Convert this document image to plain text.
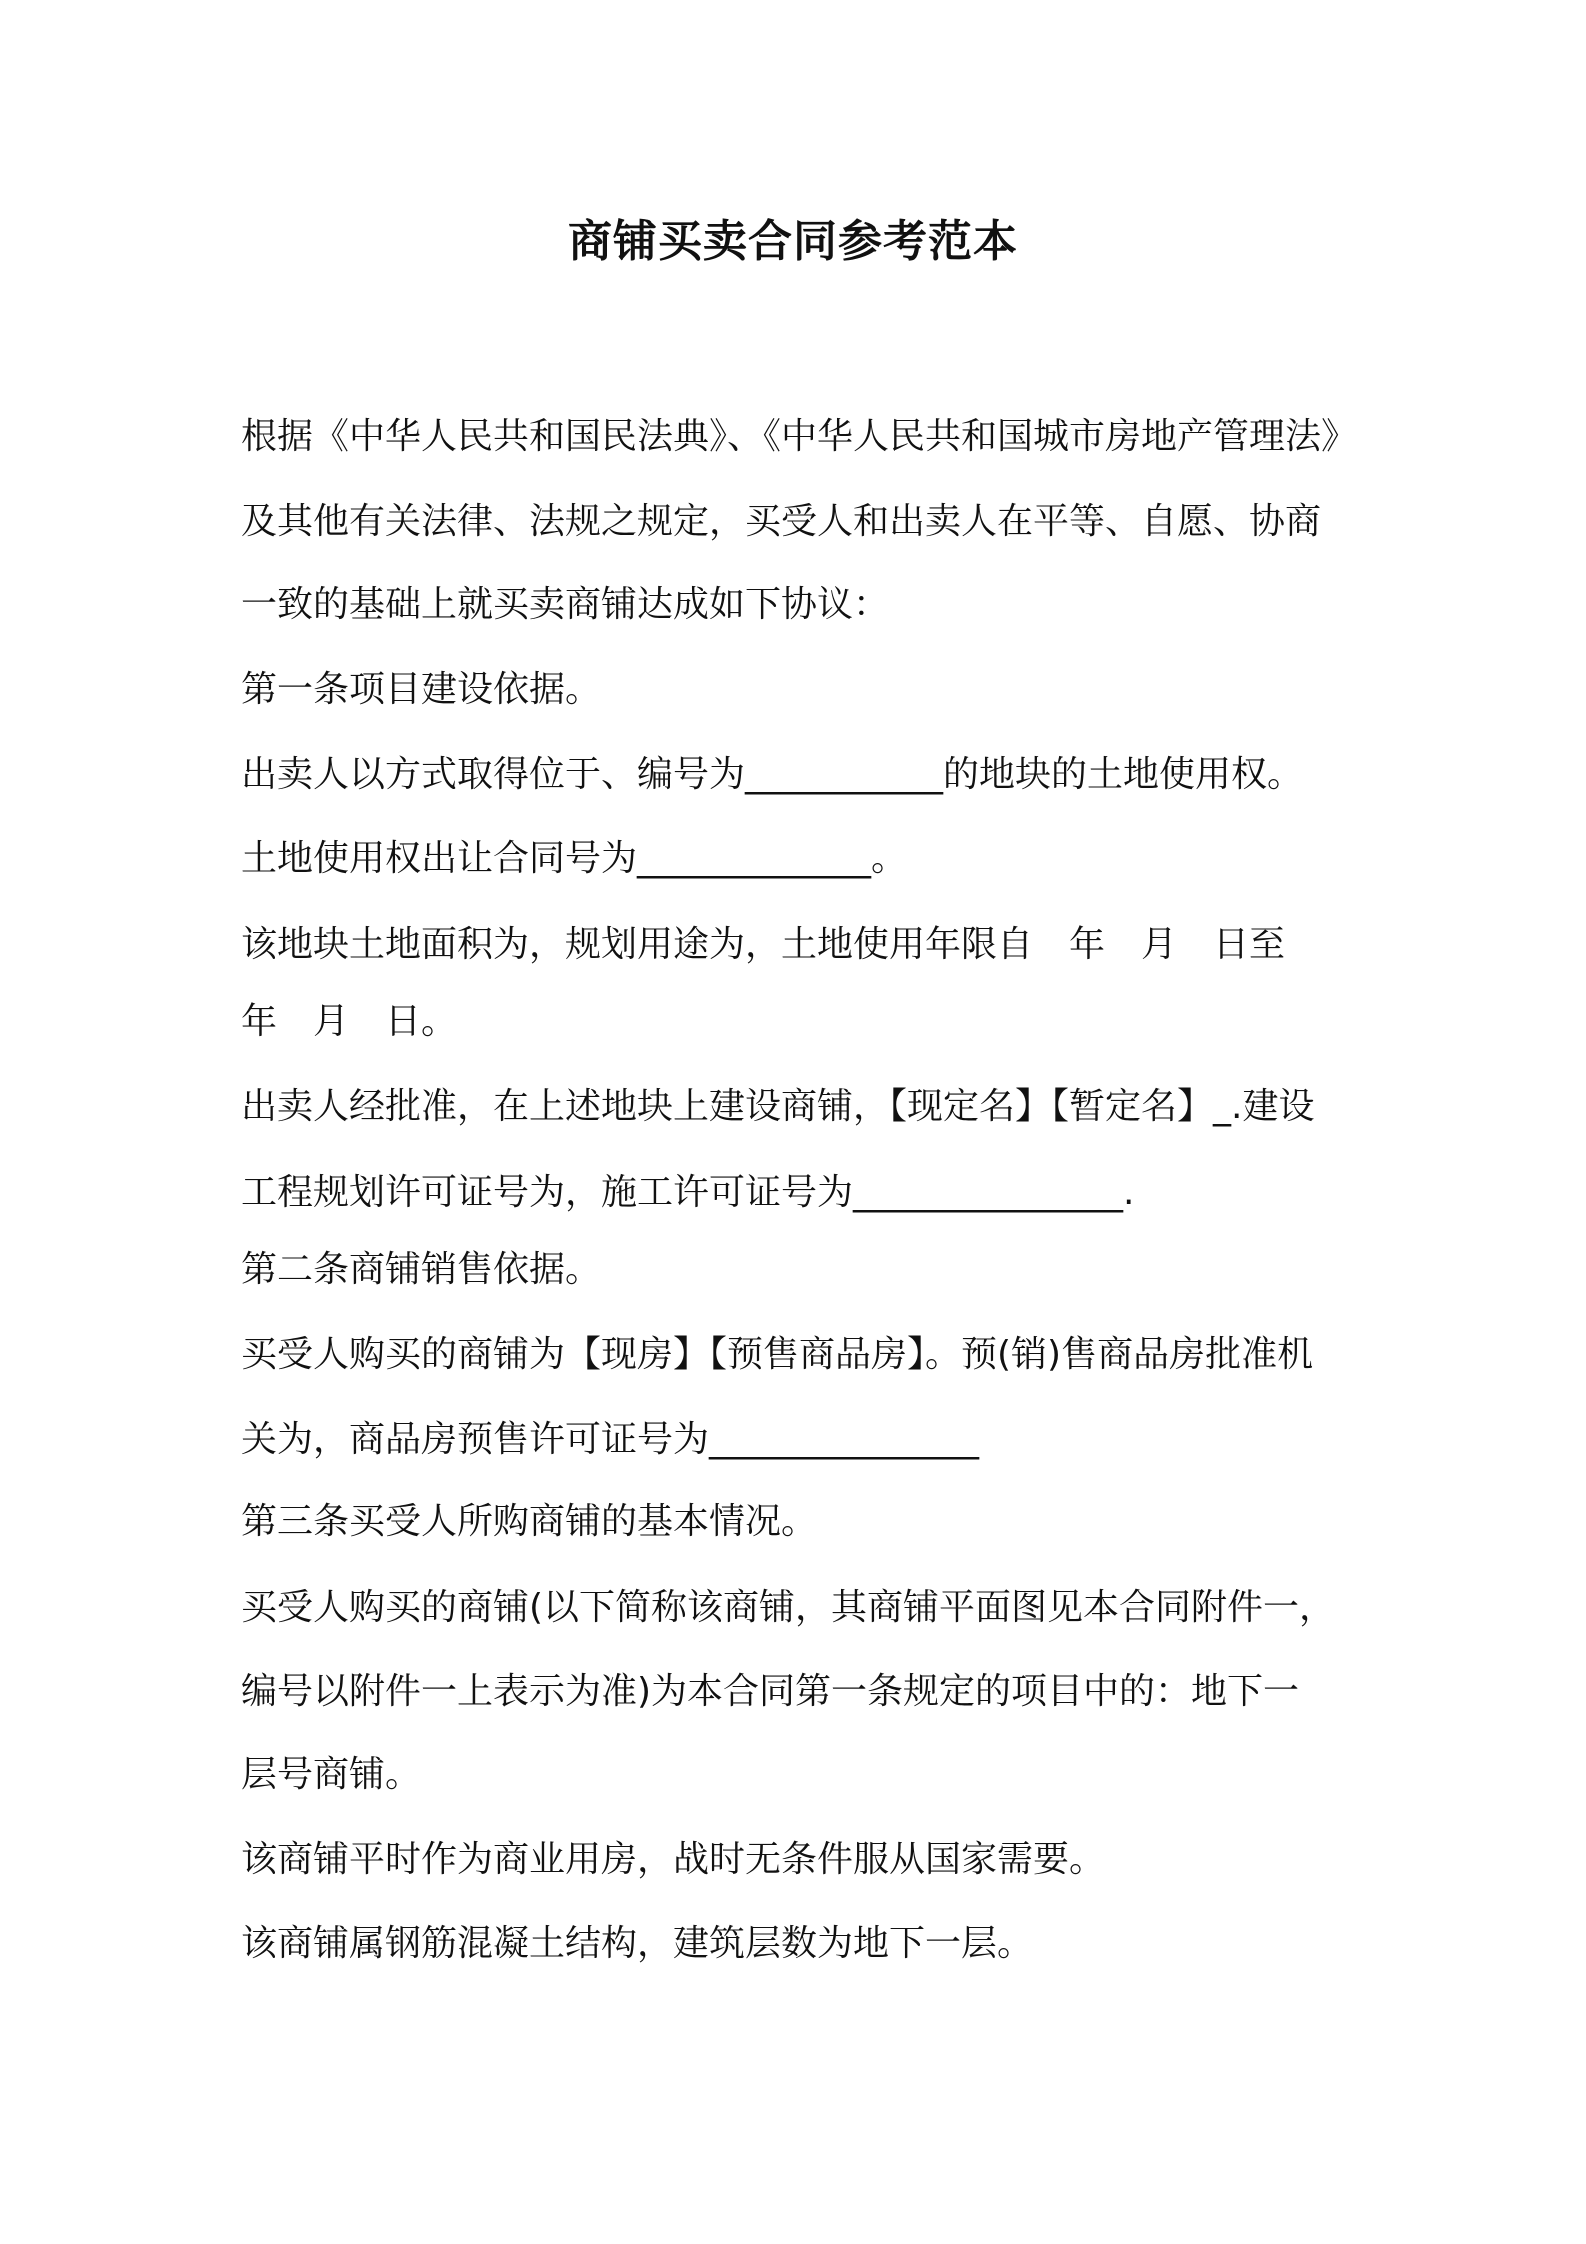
商铺买卖合同参考范本

根据《中华人民共和国民法典》、《中华人民共和国城市房地产管理法》

及其他有关法律、法规之规定，买受人和出卖人在平等、自愿、协商

一致的基础上就买卖商铺达成如下协议：

第一条项目建设依据。

出卖人以方式取得位于、编号为___________的地块的土地使用权。

土地使用权出让合同号为_____________。

该地块土地面积为，规划用途为，土地使用年限自　年　月　日至

年　月　日。

出卖人经批准，在上述地块上建设商铺，【现定名】【暂定名】_.建设

工程规划许可证号为，施工许可证号为_______________.

第二条商铺销售依据。

买受人购买的商铺为【现房】【预售商品房】。预(销)售商品房批准机

关为，商品房预售许可证号为_______________

第三条买受人所购商铺的基本情况。

买受人购买的商铺(以下简称该商铺，其商铺平面图见本合同附件一，

编号以附件一上表示为准)为本合同第一条规定的项目中的：地下一

层号商铺。

该商铺平时作为商业用房，战时无条件服从国家需要。

该商铺属钢筋混凝土结构，建筑层数为地下一层。
